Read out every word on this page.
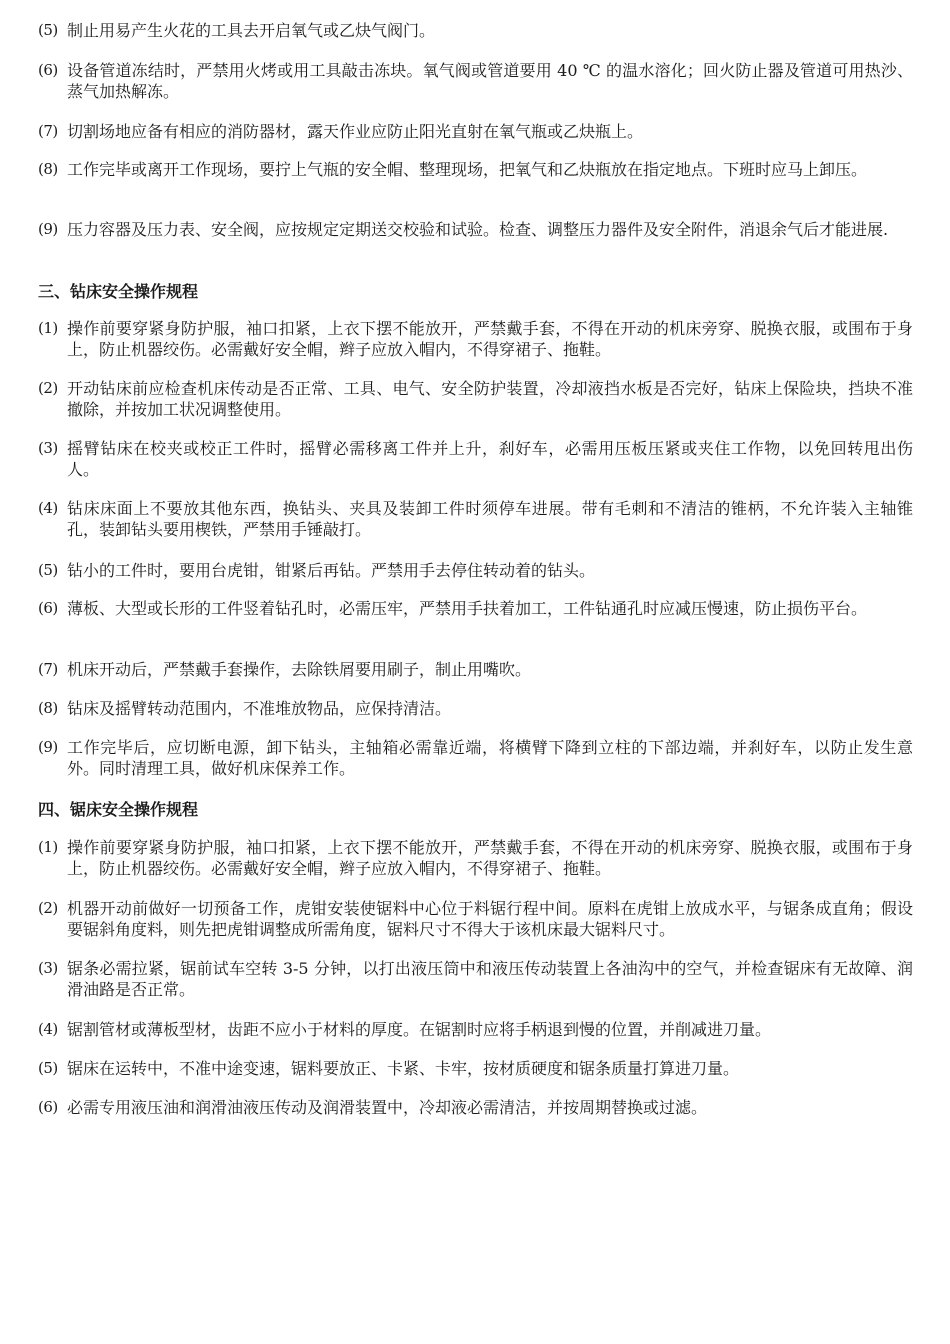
(5) 制止用易产生火花的工具去开启氧气或乙炔气阀门。
(6) 设备管道冻结时，严禁用火烤或用工具敲击冻块。氧气阀或管道要用 40 ℃ 的温水溶化；回火防止器及管道可用热沙、蒸气加热解冻。
(7) 切割场地应备有相应的消防器材，露天作业应防止阳光直射在氧气瓶或乙炔瓶上。
(8) 工作完毕或离开工作现场，要拧上气瓶的安全帽、整理现场，把氧气和乙炔瓶放在指定地点。下班时应马上卸压。
(9) 压力容器及压力表、安全阀，应按规定定期送交校验和试验。检查、调整压力器件及安全附件，消退余气后才能进展.
三、钻床安全操作规程
(1) 操作前要穿紧身防护服，袖口扣紧，上衣下摆不能放开，严禁戴手套，不得在开动的机床旁穿、脱换衣服，或围布于身上，防止机器绞伤。必需戴好安全帽，辫子应放入帽内，不得穿裙子、拖鞋。
(2) 开动钻床前应检查机床传动是否正常、工具、电气、安全防护装置，冷却液挡水板是否完好，钻床上保险块，挡块不准撤除，并按加工状况调整使用。
(3) 摇臂钻床在校夹或校正工件时，摇臂必需移离工件并上升，刹好车，必需用压板压紧或夹住工作物，以免回转甩出伤人。
(4) 钻床床面上不要放其他东西，换钻头、夹具及装卸工件时须停车进展。带有毛刺和不清洁的锥柄，不允许装入主轴锥孔，装卸钻头要用楔铁，严禁用手锤敲打。
(5) 钻小的工件时，要用台虎钳，钳紧后再钻。严禁用手去停住转动着的钻头。
(6) 薄板、大型或长形的工件竖着钻孔时，必需压牢，严禁用手扶着加工，工件钻通孔时应减压慢速，防止损伤平台。
(7) 机床开动后，严禁戴手套操作，去除铁屑要用刷子，制止用嘴吹。
(8) 钻床及摇臂转动范围内，不准堆放物品，应保持清洁。
(9) 工作完毕后，应切断电源，卸下钻头，主轴箱必需靠近端，将横臂下降到立柱的下部边端，并刹好车，以防止发生意外。同时清理工具，做好机床保养工作。
四、锯床安全操作规程
(1) 操作前要穿紧身防护服，袖口扣紧，上衣下摆不能放开，严禁戴手套，不得在开动的机床旁穿、脱换衣服，或围布于身上，防止机器绞伤。必需戴好安全帽，辫子应放入帽内，不得穿裙子、拖鞋。
(2) 机器开动前做好一切预备工作，虎钳安装使锯料中心位于料锯行程中间。原料在虎钳上放成水平，与锯条成直角；假设要锯斜角度料，则先把虎钳调整成所需角度，锯料尺寸不得大于该机床最大锯料尺寸。
(3) 锯条必需拉紧，锯前试车空转 3-5 分钟，以打出液压筒中和液压传动装置上各油沟中的空气，并检查锯床有无故障、润滑油路是否正常。
(4) 锯割管材或薄板型材，齿距不应小于材料的厚度。在锯割时应将手柄退到慢的位置，并削减进刀量。
(5) 锯床在运转中，不准中途变速，锯料要放正、卡紧、卡牢，按材质硬度和锯条质量打算进刀量。
(6) 必需专用液压油和润滑油液压传动及润滑装置中，冷却液必需清洁，并按周期替换或过滤。
